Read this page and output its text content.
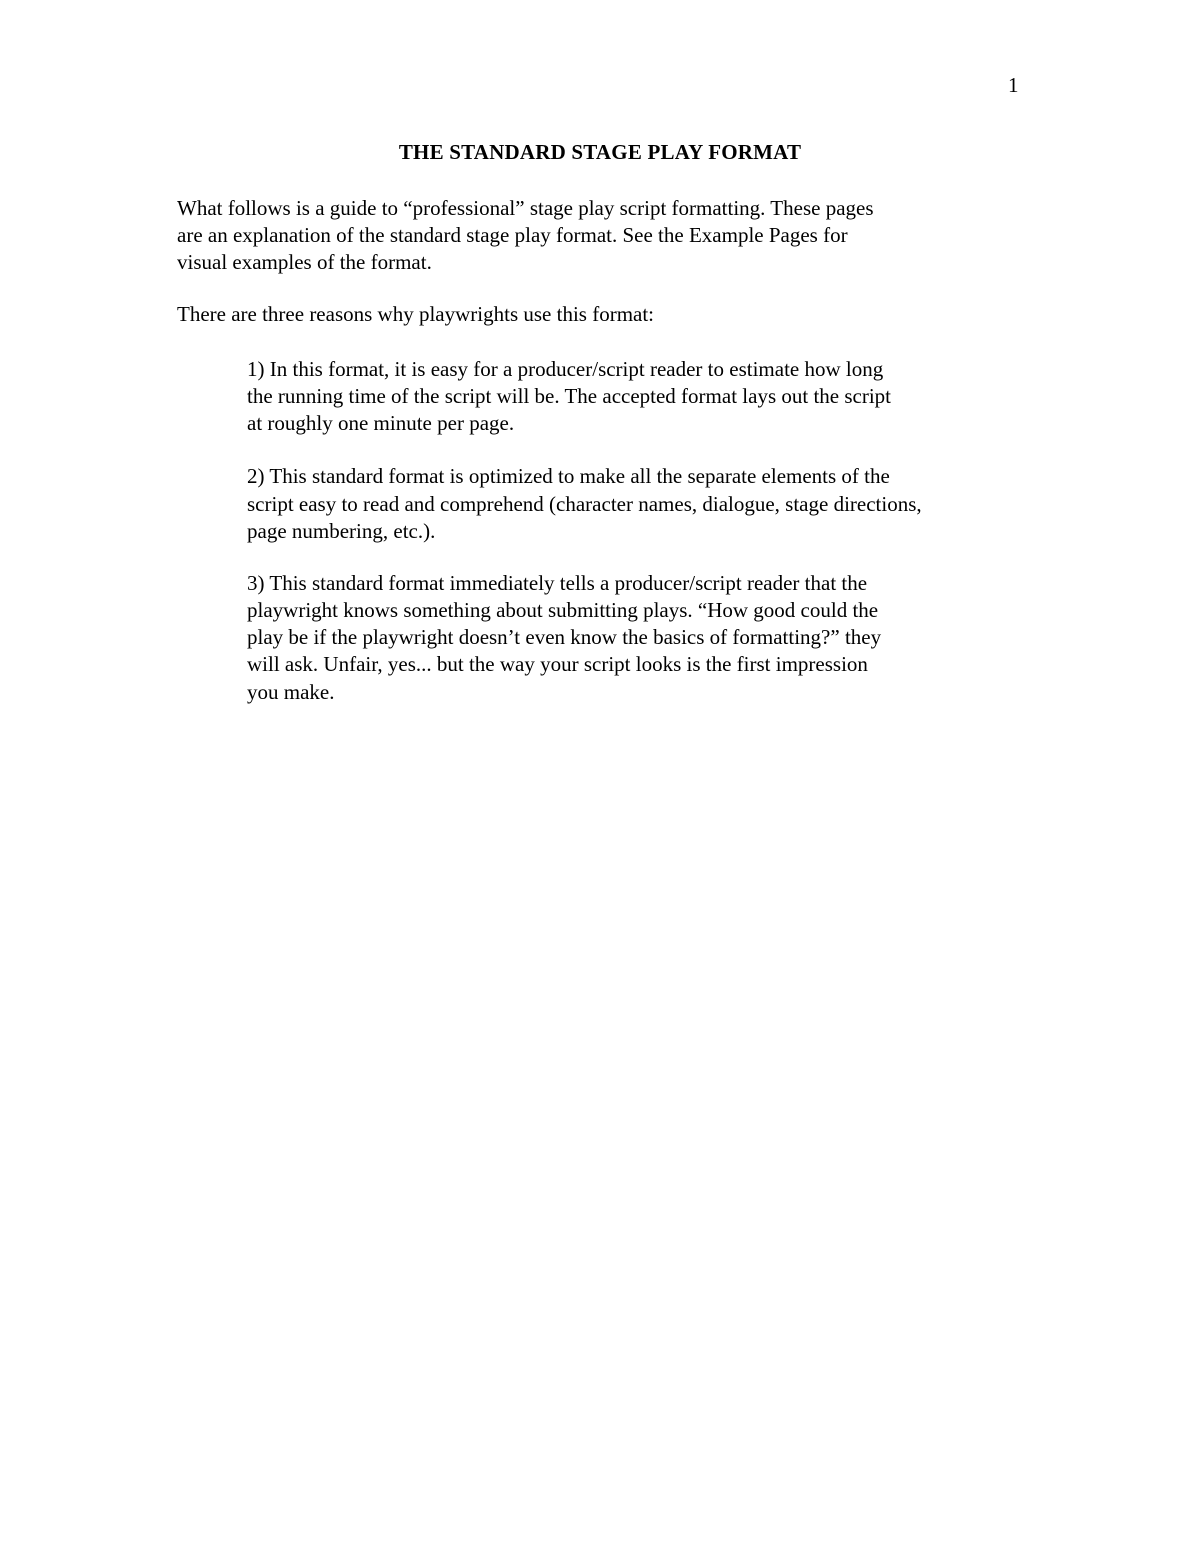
1
THE STANDARD STAGE PLAY FORMAT
What follows is a guide to “professional” stage play script formatting. These pages
are an explanation of the standard stage play format. See the Example Pages for
visual examples of the format.
There are three reasons why playwrights use this format:
1) In this format, it is easy for a producer/script reader to estimate how long
the running time of the script will be. The accepted format lays out the script
at roughly one minute per page.
2) This standard format is optimized to make all the separate elements of the
script easy to read and comprehend (character names, dialogue, stage directions,
page numbering, etc.).
3) This standard format immediately tells a producer/script reader that the
playwright knows something about submitting plays. “How good could the
play be if the playwright doesn’t even know the basics of formatting?” they
will ask. Unfair, yes... but the way your script looks is the first impression
you make.
